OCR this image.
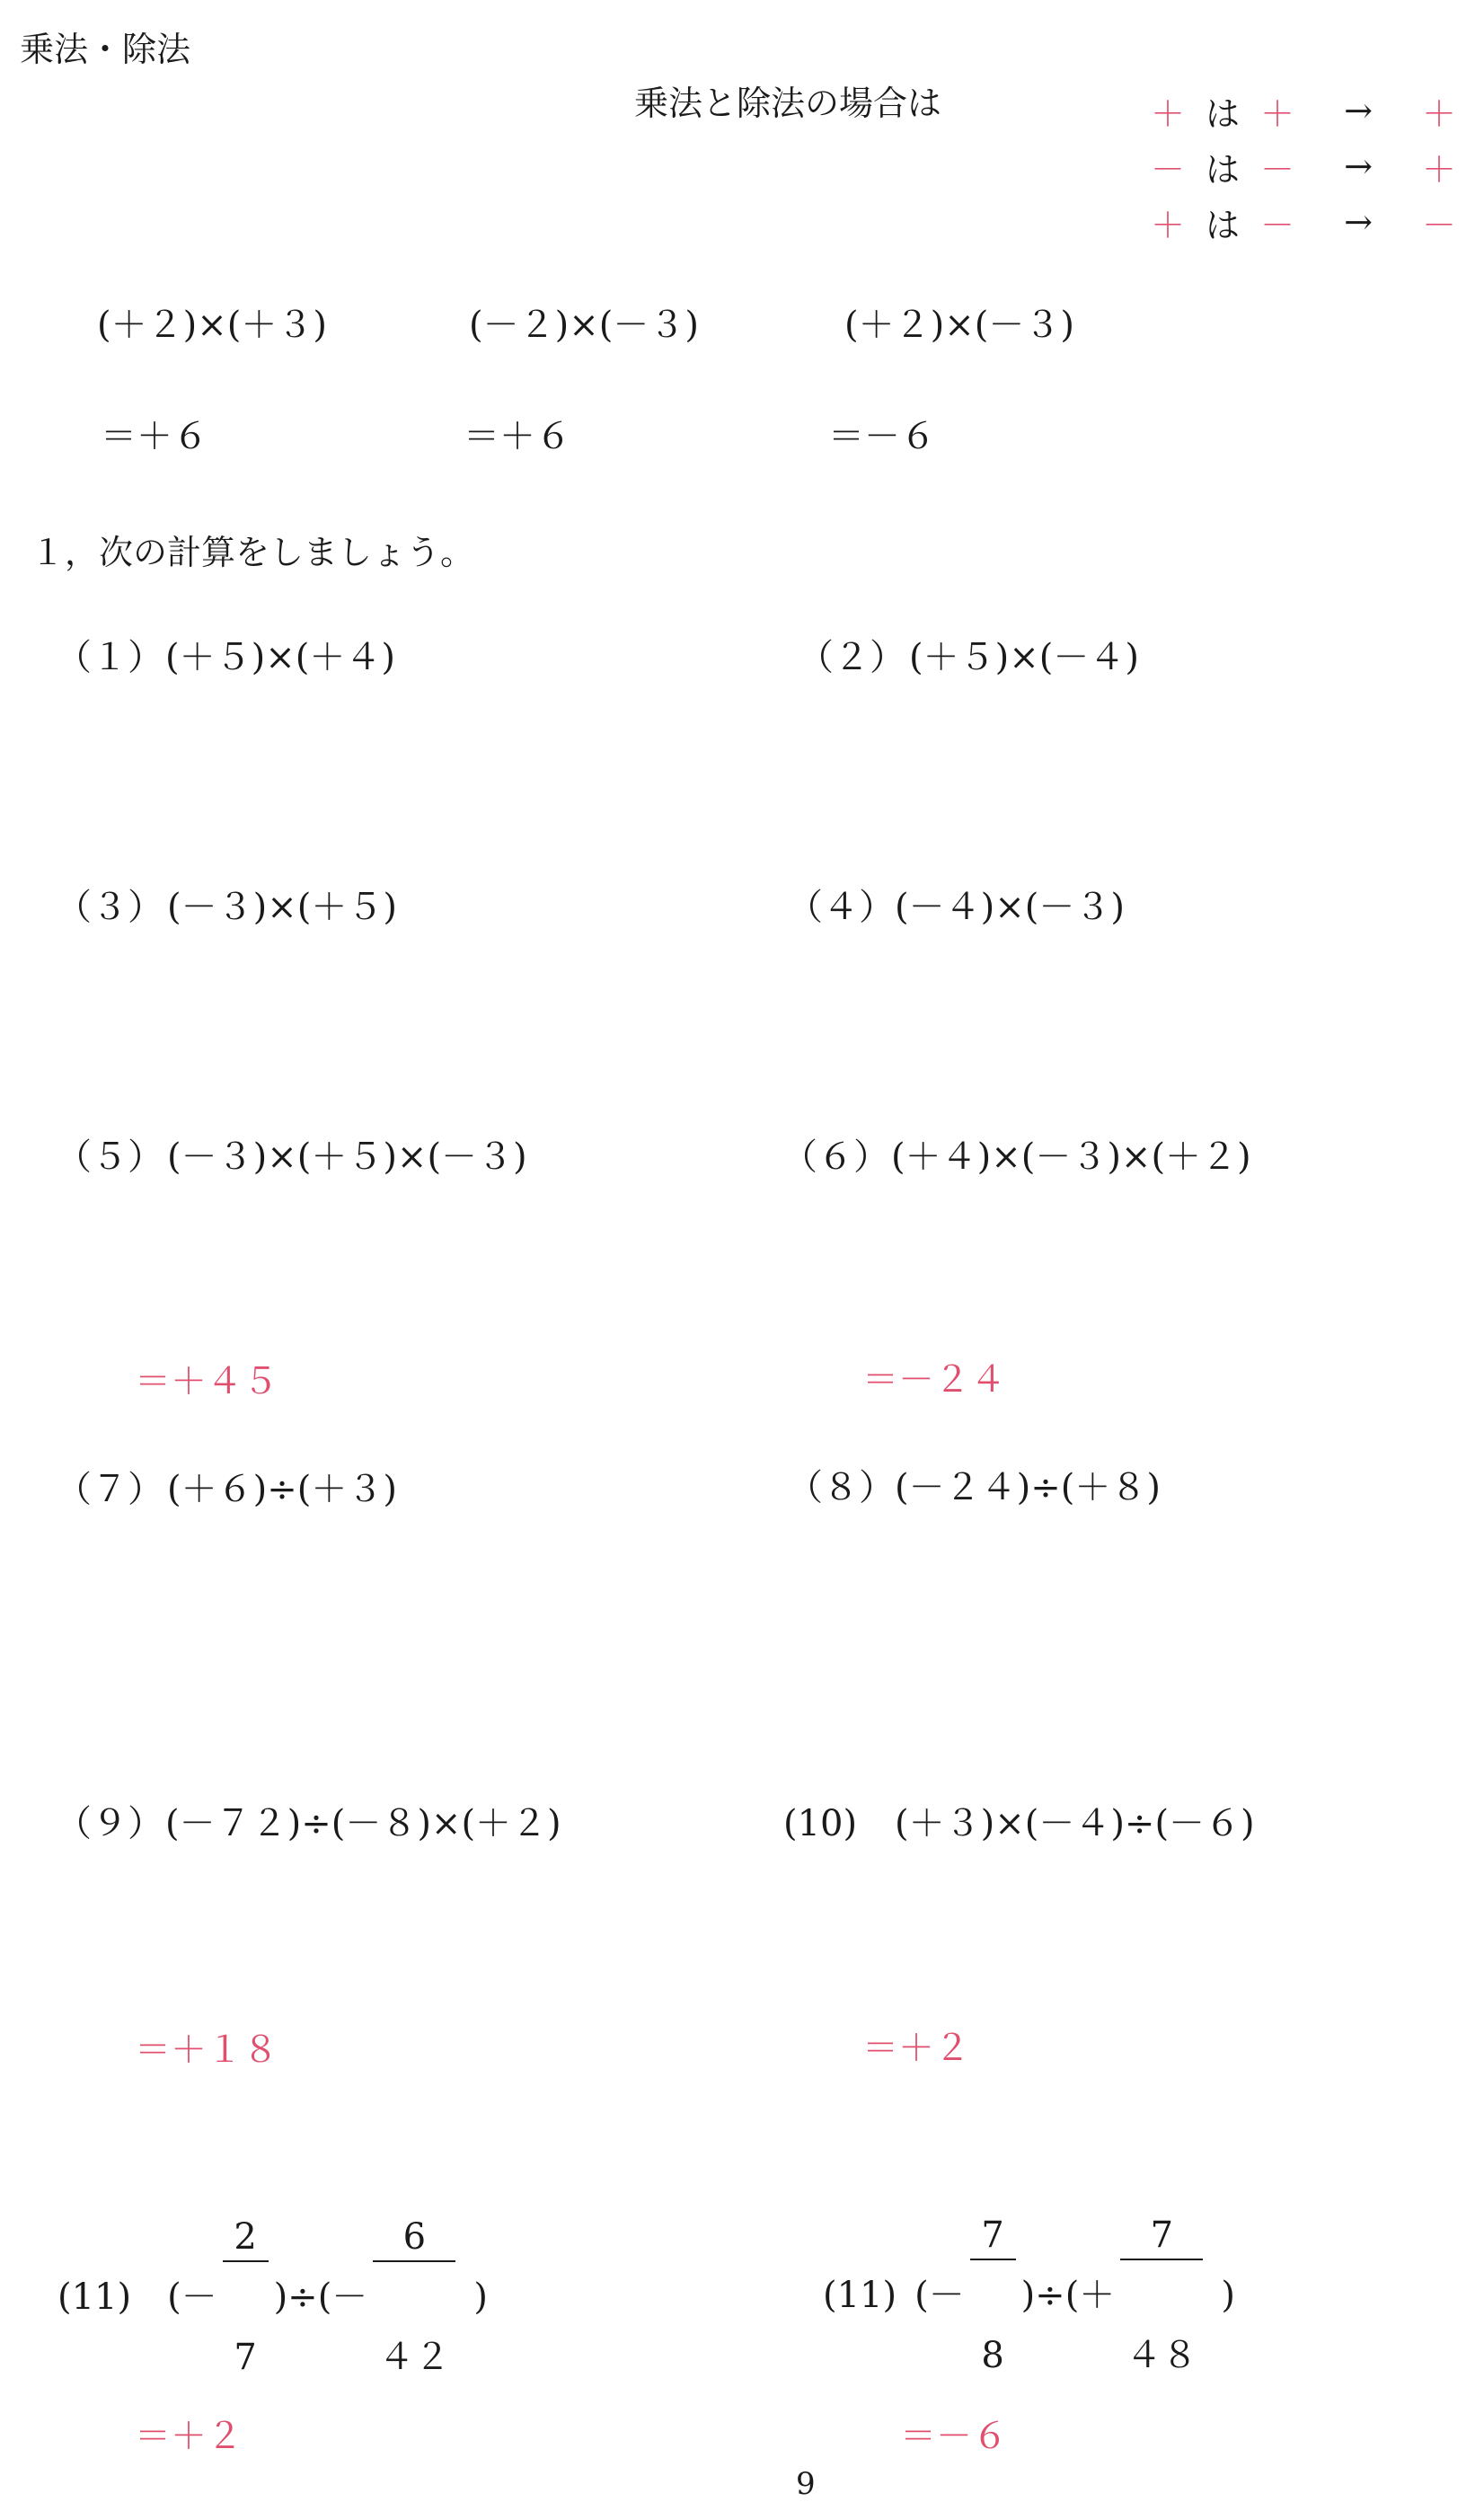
乗法・除法
乗法と除法の場合は	＋ は ＋	→	＋
－ は －	→	＋
＋ は －	→	－
(＋２)×(＋３)	(－２)×(－３)	(＋２)×(－３)
＝＋６	＝＋６	＝－６
１，次の計算をしましょう。
（１） (＋５)×(＋４)	（２） (＋５)×(－４)
（３） (－３)×(＋５)	（４） (－４)×(－３)
（５） (－３)×(＋５)×(－３)	（６） (＋４)×(－３)×(＋２)
＝＋４５	＝－２４
（７） (＋６)÷(＋３)	（８） (－２４)÷(＋８)
（９） (－７２)÷(－８)×(＋２)	(10) (＋３)×(－４)÷(－６)
＝＋１８	＝＋２
(11) (－

$\frac{2}{7}$

)÷(－

$\frac{6}{42}$

)	(11) (－

$\frac{7}{8}$

)÷(＋

$\frac{7}{48}$

)
＝＋２	＝－６
9
